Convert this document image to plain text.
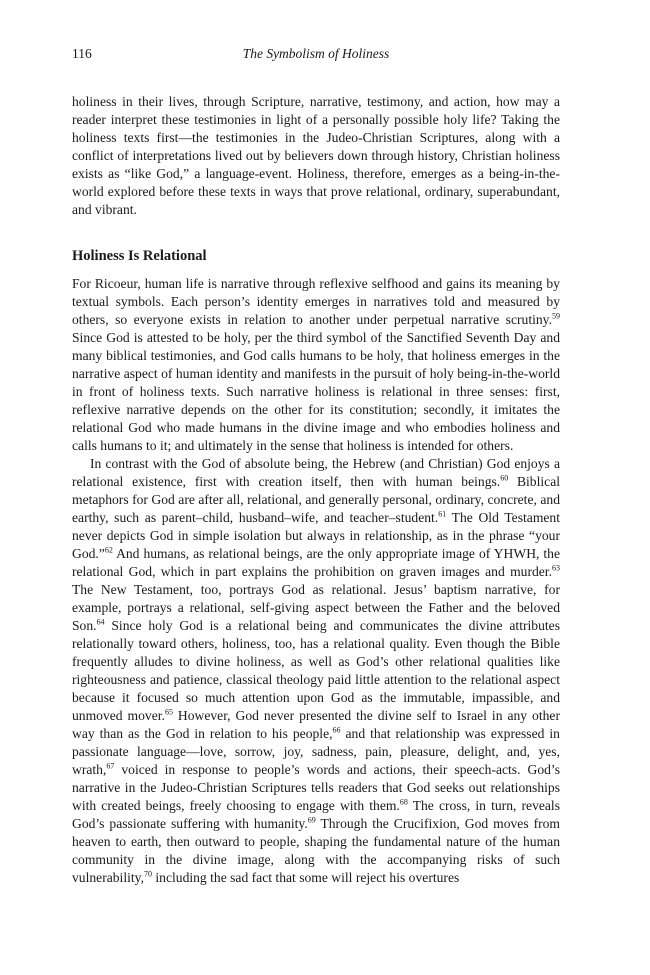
116	The Symbolism of Holiness

holiness in their lives, through Scripture, narrative, testimony, and action, how may a reader interpret these testimonies in light of a personally possible holy life? Taking the holiness texts first—the testimonies in the Judeo-Christian Scriptures, along with a conflict of interpretations lived out by believers down through history, Christian holiness exists as “like God,” a language-event. Holiness, therefore, emerges as a being-in-the-world explored before these texts in ways that prove relational, ordinary, superabundant, and vibrant.

Holiness Is Relational

For Ricoeur, human life is narrative through reflexive selfhood and gains its meaning by textual symbols. Each person’s identity emerges in narratives told and measured by others, so everyone exists in relation to another under perpetual narrative scrutiny.$^{59}$ Since God is attested to be holy, per the third symbol of the Sanctified Seventh Day and many biblical testimonies, and God calls humans to be holy, that holiness emerges in the narrative aspect of human identity and manifests in the pursuit of holy being-in-the-world in front of holiness texts. Such narrative holiness is relational in three senses: first, reflexive narrative depends on the other for its constitution; secondly, it imitates the relational God who made humans in the divine image and who embodies holiness and calls humans to it; and ultimately in the sense that holiness is intended for others.

In contrast with the God of absolute being, the Hebrew (and Christian) God enjoys a relational existence, first with creation itself, then with human beings.$^{60}$ Biblical metaphors for God are after all, relational, and generally personal, ordinary, concrete, and earthy, such as parent–child, husband–wife, and teacher–student.$^{61}$ The Old Testament never depicts God in simple isolation but always in relationship, as in the phrase “your God.”$^{62}$ And humans, as relational beings, are the only appropriate image of YHWH, the relational God, which in part explains the prohibition on graven images and murder.$^{63}$ The New Testament, too, portrays God as relational. Jesus’ baptism narrative, for example, portrays a relational, self-giving aspect between the Father and the beloved Son.$^{64}$ Since holy God is a relational being and communicates the divine attributes relationally toward others, holiness, too, has a relational quality. Even though the Bible frequently alludes to divine holiness, as well as God’s other relational qualities like righteousness and patience, classical theology paid little attention to the relational aspect because it focused so much attention upon God as the immutable, impassible, and unmoved mover.$^{65}$ However, God never presented the divine self to Israel in any other way than as the God in relation to his people,$^{66}$ and that relationship was expressed in passionate language—love, sorrow, joy, sadness, pain, pleasure, delight, and, yes, wrath,$^{67}$ voiced in response to people’s words and actions, their speech-acts. God’s narrative in the Judeo-Christian Scriptures tells readers that God seeks out relationships with created beings, freely choosing to engage with them.$^{68}$ The cross, in turn, reveals God’s passionate suffering with humanity.$^{69}$ Through the Crucifixion, God moves from heaven to earth, then outward to people, shaping the fundamental nature of the human community in the divine image, along with the accompanying risks of such vulnerability,$^{70}$ including the sad fact that some will reject his overtures
